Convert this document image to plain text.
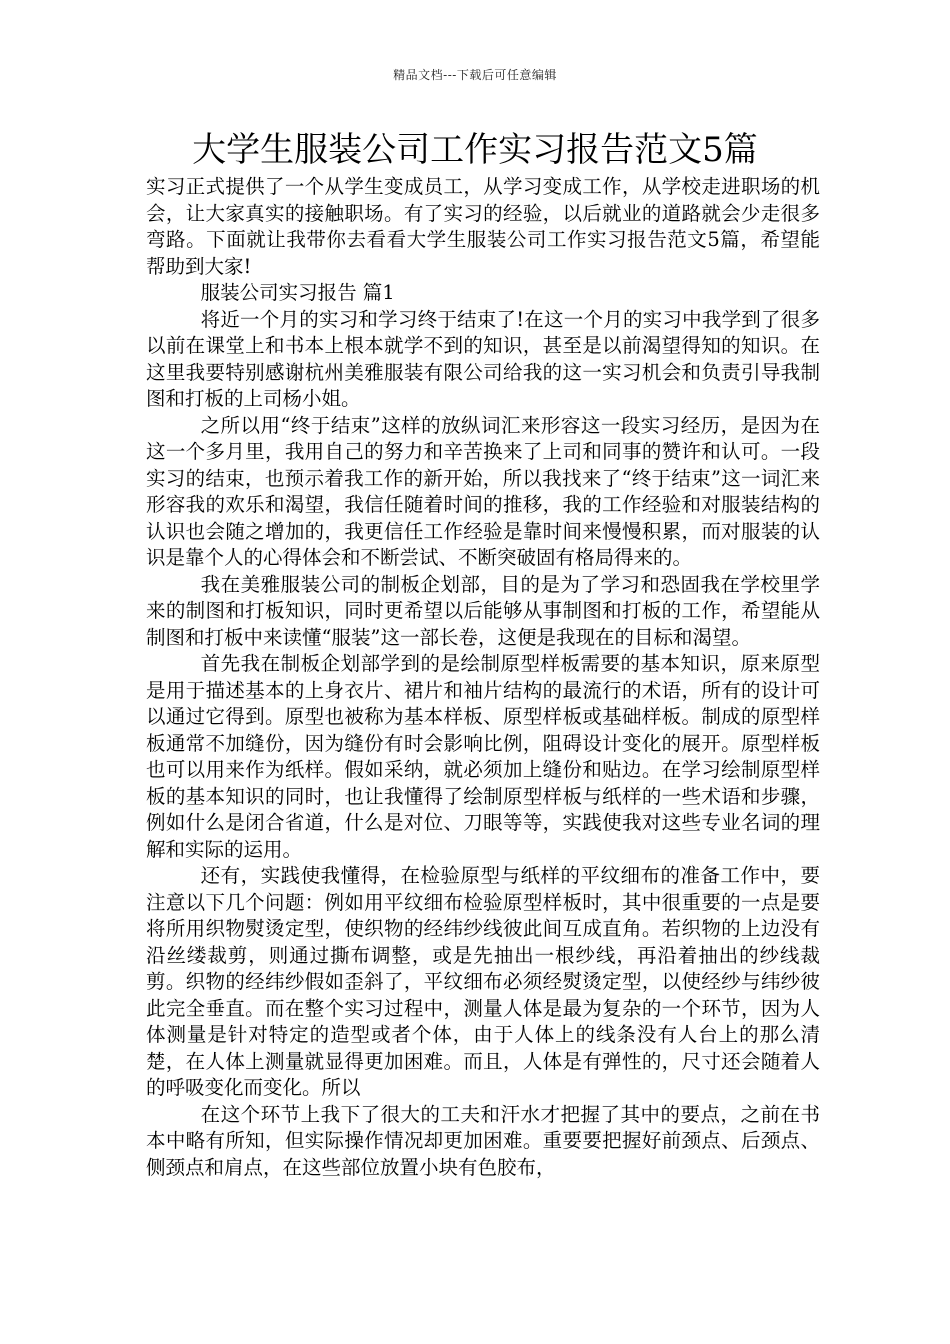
精品文档---下载后可任意编辑
大学生服装公司工作实习报告范文5篇

实习正式提供了一个从学生变成员工，从学习变成工作，从学校走进职场的机会，让大家真实的接触职场。有了实习的经验，以后就业的道路就会少走很多弯路。下面就让我带你去看看大学生服装公司工作实习报告范文5篇，希望能帮助到大家!

服装公司实习报告 篇1

将近一个月的实习和学习终于结束了!在这一个月的实习中我学到了很多以前在课堂上和书本上根本就学不到的知识，甚至是以前渴望得知的知识。在这里我要特别感谢杭州美雅服装有限公司给我的这一实习机会和负责引导我制图和打板的上司杨小姐。

之所以用“终于结束”这样的放纵词汇来形容这一段实习经历，是因为在这一个多月里，我用自己的努力和辛苦换来了上司和同事的赞许和认可。一段实习的结束，也预示着我工作的新开始，所以我找来了“终于结束”这一词汇来形容我的欢乐和渴望，我信任随着时间的推移，我的工作经验和对服装结构的认识也会随之增加的，我更信任工作经验是靠时间来慢慢积累，而对服装的认识是靠个人的心得体会和不断尝试、不断突破固有格局得来的。

我在美雅服装公司的制板企划部，目的是为了学习和恐固我在学校里学来的制图和打板知识，同时更希望以后能够从事制图和打板的工作，希望能从制图和打板中来读懂“服装”这一部长卷，这便是我现在的目标和渴望。

首先我在制板企划部学到的是绘制原型样板需要的基本知识，原来原型是用于描述基本的上身衣片、裙片和袖片结构的最流行的术语，所有的设计可以通过它得到。原型也被称为基本样板、原型样板或基础样板。制成的原型样板通常不加缝份，因为缝份有时会影响比例，阻碍设计变化的展开。原型样板也可以用来作为纸样。假如采纳，就必须加上缝份和贴边。在学习绘制原型样板的基本知识的同时，也让我懂得了绘制原型样板与纸样的一些术语和步骤，例如什么是闭合省道，什么是对位、刀眼等等，实践使我对这些专业名词的理解和实际的运用。

还有，实践使我懂得，在检验原型与纸样的平纹细布的准备工作中，要注意以下几个问题：例如用平纹细布检验原型样板时，其中很重要的一点是要将所用织物熨烫定型，使织物的经纬纱线彼此间互成直角。若织物的上边没有沿丝缕裁剪，则通过撕布调整，或是先抽出一根纱线，再沿着抽出的纱线裁剪。织物的经纬纱假如歪斜了，平纹细布必须经熨烫定型，以使经纱与纬纱彼此完全垂直。而在整个实习过程中，测量人体是最为复杂的一个环节，因为人体测量是针对特定的造型或者个体，由于人体上的线条没有人台上的那么清楚，在人体上测量就显得更加困难。而且，人体是有弹性的，尺寸还会随着人的呼吸变化而变化。所以

在这个环节上我下了很大的工夫和汗水才把握了其中的要点，之前在书本中略有所知，但实际操作情况却更加困难。重要要把握好前颈点、后颈点、侧颈点和肩点，在这些部位放置小块有色胶布，
